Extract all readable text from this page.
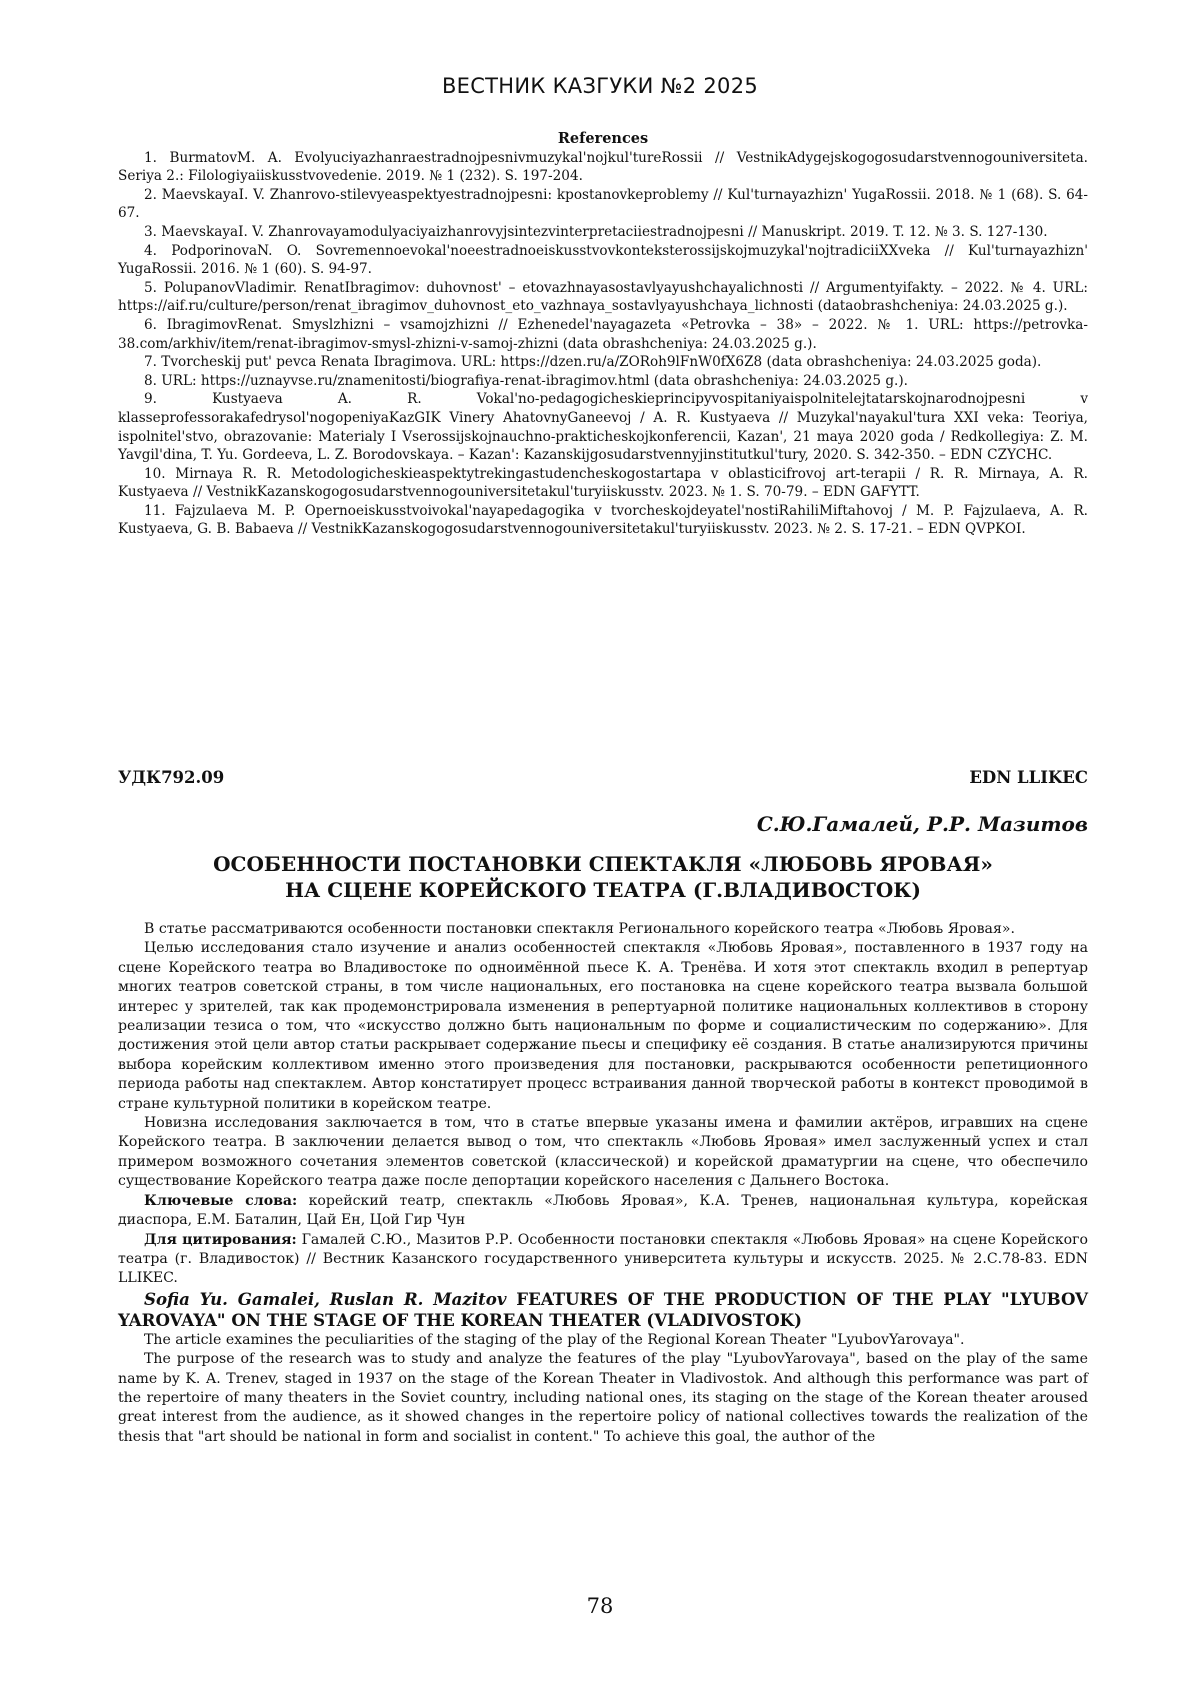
ВЕСТНИК КАЗГУКИ №2 2025
References

1. BurmatovM. A. Evolyuciyazhanraestradnojpesnivmuzykal'nojkul'tureRossii // VestnikAdygejskogogosudarstvennogouniversiteta. Seriya 2.: Filologiyaiiskusstvovedenie. 2019. № 1 (232). S. 197-204.

2. MaevskayaI. V. Zhanrovo-stilevyeaspektyestradnojpesni: kpostanovkeproblemy // Kul'turnayazhizn' YugaRossii. 2018. № 1 (68). S. 64-67.

3. MaevskayaI. V. Zhanrovayamodulyaciyaizhanrovyjsintezvinterpretaciiestradnojpesni // Manuskript. 2019. T. 12. № 3. S. 127-130.

4. PodporinovaN. O. Sovremennoevokal'noeestradnoeiskusstvovkonteksterossijskojmuzykal'nojtradiciiXXveka // Kul'turnayazhizn' YugaRossii. 2016. № 1 (60). S. 94-97.

5. PolupanovVladimir. RenatIbragimov: duhovnost' – etovazhnayasostavlyayushchayalichnosti // Argumentyifakty. – 2022. № 4. URL: https://aif.ru/culture/person/renat_ibragimov_duhovnost_eto_vazhnaya_sostavlyayushchaya_lichnosti (dataobrashcheniya: 24.03.2025 g.).

6. IbragimovRenat. Smyslzhizni – vsamojzhizni // Ezhenedel'nayagazeta «Petrovka – 38» – 2022. № 1. URL: https://petrovka-38.com/arkhiv/item/renat-ibragimov-smysl-zhizni-v-samoj-zhizni (data obrashcheniya: 24.03.2025 g.).

7. Tvorcheskij put' pevca Renata Ibragimova. URL: https://dzen.ru/a/ZORoh9lFnW0fX6Z8 (data obrashcheniya: 24.03.2025 goda).

8. URL: https://uznayvse.ru/znamenitosti/biografiya-renat-ibragimov.html (data obrashcheniya: 24.03.2025 g.).

9. Kustyaeva A. R. Vokal'no-pedagogicheskieprincipyvospitaniyaispolnitelejtatarskojnarodnojpesni v klasseprofessorakafedrysol'nogopeniyaKazGIK Vinery AhatovnyGaneevoj / A. R. Kustyaeva // Muzykal'nayakul'tura XXI veka: Teoriya, ispolnitel'stvo, obrazovanie: Materialy I Vserossijskojnauchno-prakticheskojkonferencii, Kazan', 21 maya 2020 goda / Redkollegiya: Z. M. Yavgil'dina, T. Yu. Gordeeva, L. Z. Borodovskaya. – Kazan': Kazanskijgosudarstvennyjinstitutkul'tury, 2020. S. 342-350. – EDN CZYCHC.

10. Mirnaya R. R. Metodologicheskieaspektytrekingastudencheskogostartapa v oblasticifrovoj art-terapii / R. R. Mirnaya, A. R. Kustyaeva // VestnikKazanskogogosudarstvennogouniversitetakul'turyiiskusstv. 2023. № 1. S. 70-79. – EDN GAFYTT.

11. Fajzulaeva M. P. Opernoeiskusstvoivokal'nayapedagogika v tvorcheskojdeyatel'nostiRahiliMiftahovoj / M. P. Fajzulaeva, A. R. Kustyaeva, G. B. Babaeva // VestnikKazanskogogosudarstvennogouniversitetakul'turyiiskusstv. 2023. № 2. S. 17-21. – EDN QVPKOI.

УДК792.09	EDN LLIKEC
С.Ю.Гамалей, Р.Р. Мазитов
ОСОБЕННОСТИ ПОСТАНОВКИ СПЕКТАКЛЯ «ЛЮБОВЬ ЯРОВАЯ»
НА СЦЕНЕ КОРЕЙСКОГО ТЕАТРА (Г.ВЛАДИВОСТОК)

В статье рассматриваются особенности постановки спектакля Регионального корейского театра «Любовь Яровая».

Целью исследования стало изучение и анализ особенностей спектакля «Любовь Яровая», поставленного в 1937 году на сцене Корейского театра во Владивостоке по одноимённой пьесе К. А. Тренёва. И хотя этот спектакль входил в репертуар многих театров советской страны, в том числе национальных, его постановка на сцене корейского театра вызвала большой интерес у зрителей, так как продемонстрировала изменения в репертуарной политике национальных коллективов в сторону реализации тезиса о том, что «искусство должно быть национальным по форме и социалистическим по содержанию». Для достижения этой цели автор статьи раскрывает содержание пьесы и специфику её создания. В статье анализируются причины выбора корейским коллективом именно этого произведения для постановки, раскрываются особенности репетиционного периода работы над спектаклем. Автор констатирует процесс встраивания данной творческой работы в контекст проводимой в стране культурной политики в корейском театре.

Новизна исследования заключается в том, что в статье впервые указаны имена и фамилии актёров, игравших на сцене Корейского театра. В заключении делается вывод о том, что спектакль «Любовь Яровая» имел заслуженный успех и стал примером возможного сочетания элементов советской (классической) и корейской драматургии на сцене, что обеспечило существование Корейского театра даже после депортации корейского населения с Дальнего Востока.

Ключевые слова: корейский театр, спектакль «Любовь Яровая», К.А. Тренев, национальная культура, корейская диаспора, Е.М. Баталин, Цай Ен, Цой Гир Чун

Для цитирования: Гамалей С.Ю., Мазитов Р.Р. Особенности постановки спектакля «Любовь Яровая» на сцене Корейского театра (г. Владивосток) // Вестник Казанского государственного университета культуры и искусств. 2025. № 2.С.78-83. EDN LLIKEC.

Sofia Yu. Gamalei, Ruslan R. Mazitov FEATURES OF THE PRODUCTION OF THE PLAY "LYUBOV YAROVAYA" ON THE STAGE OF THE KOREAN THEATER (VLADIVOSTOK)

The article examines the peculiarities of the staging of the play of the Regional Korean Theater "LyubovYarovaya".

The purpose of the research was to study and analyze the features of the play "LyubovYarovaya", based on the play of the same name by K. A. Trenev, staged in 1937 on the stage of the Korean Theater in Vladivostok. And although this performance was part of the repertoire of many theaters in the Soviet country, including national ones, its staging on the stage of the Korean theater aroused great interest from the audience, as it showed changes in the repertoire policy of national collectives towards the realization of the thesis that "art should be national in form and socialist in content." To achieve this goal, the author of the

78
